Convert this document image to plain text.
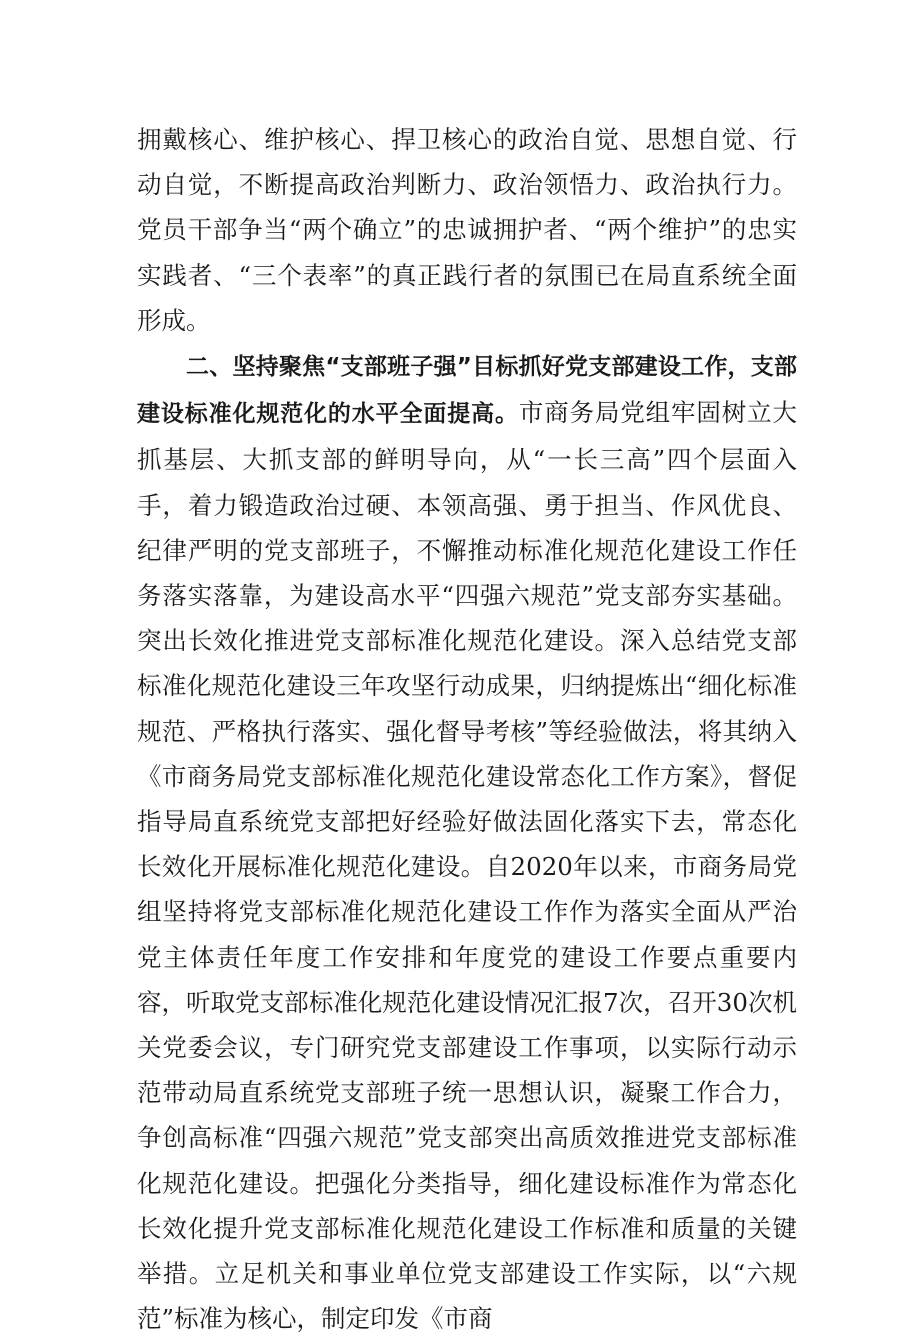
拥戴核心、维护核心、捍卫核心的政治自觉、思想自觉、行动自觉，不断提高政治判断力、政治领悟力、政治执行力。党员干部争当“两个确立”的忠诚拥护者、“两个维护”的忠实实践者、“三个表率”的真正践行者的氛围已在局直系统全面形成。

二、坚持聚焦“支部班子强”目标抓好党支部建设工作，支部建设标准化规范化的水平全面提高。市商务局党组牢固树立大抓基层、大抓支部的鲜明导向，从“一长三高”四个层面入手，着力锻造政治过硬、本领高强、勇于担当、作风优良、纪律严明的党支部班子，不懈推动标准化规范化建设工作任务落实落靠，为建设高水平“四强六规范”党支部夯实基础。突出长效化推进党支部标准化规范化建设。深入总结党支部标准化规范化建设三年攻坚行动成果，归纳提炼出“细化标准规范、严格执行落实、强化督导考核”等经验做法，将其纳入《市商务局党支部标准化规范化建设常态化工作方案》，督促指导局直系统党支部把好经验好做法固化落实下去，常态化长效化开展标准化规范化建设。自2020年以来，市商务局党组坚持将党支部标准化规范化建设工作作为落实全面从严治党主体责任年度工作安排和年度党的建设工作要点重要内容，听取党支部标准化规范化建设情况汇报7次，召开30次机关党委会议，专门研究党支部建设工作事项，以实际行动示范带动局直系统党支部班子统一思想认识，凝聚工作合力，争创高标准“四强六规范”党支部突出高质效推进党支部标准化规范化建设。把强化分类指导，细化建设标准作为常态化长效化提升党支部标准化规范化建设工作标准和质量的关键举措。立足机关和事业单位党支部建设工作实际，以“六规范”标准为核心，制定印发《市商
